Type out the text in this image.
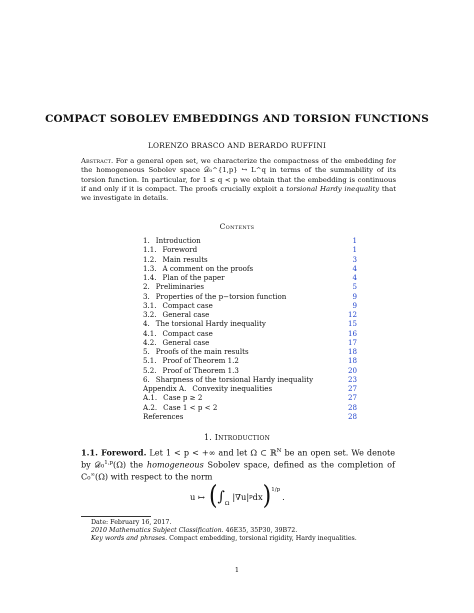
COMPACT SOBOLEV EMBEDDINGS AND TORSION FUNCTIONS
LORENZO BRASCO AND BERARDO RUFFINI
Abstract. For a general open set, we characterize the compactness of the embedding for the homogeneous Sobolev space 𝒟₀^{1,p} ↪ L^q in terms of the summability of its torsion function. In particular, for 1 ≤ q < p we obtain that the embedding is continuous if and only if it is compact. The proofs crucially exploit a torsional Hardy inequality that we investigate in details.
Contents
1. Introduction	1
1.1. Foreword	1
1.2. Main results	3
1.3. A comment on the proofs	4
1.4. Plan of the paper	4
2. Preliminaries	5
3. Properties of the p−torsion function	9
3.1. Compact case	9
3.2. General case	12
4. The torsional Hardy inequality	15
4.1. Compact case	16
4.2. General case	17
5. Proofs of the main results	18
5.1. Proof of Theorem 1.2	18
5.2. Proof of Theorem 1.3	20
6. Sharpness of the torsional Hardy inequality	23
Appendix A. Convexity inequalities	27
A.1. Case p ≥ 2	27
A.2. Case 1 < p < 2	28
References	28
1. Introduction
1.1. Foreword. Let 1 < p < +∞ and let Ω ⊂ ℝ$^N$ be an open set. We denote by 𝒟₀$^{1,p}$(Ω) the homogeneous Sobolev space, defined as the completion of C₀∞(Ω) with respect to the norm
u ↦ ( $\int_\Omega$
|∇u| p dx )$^{1/p}$
.
Date: February 16, 2017.
2010 Mathematics Subject Classification. 46E35, 35P30, 39B72.
Key words and phrases. Compact embedding, torsional rigidity, Hardy inequalities.
1
